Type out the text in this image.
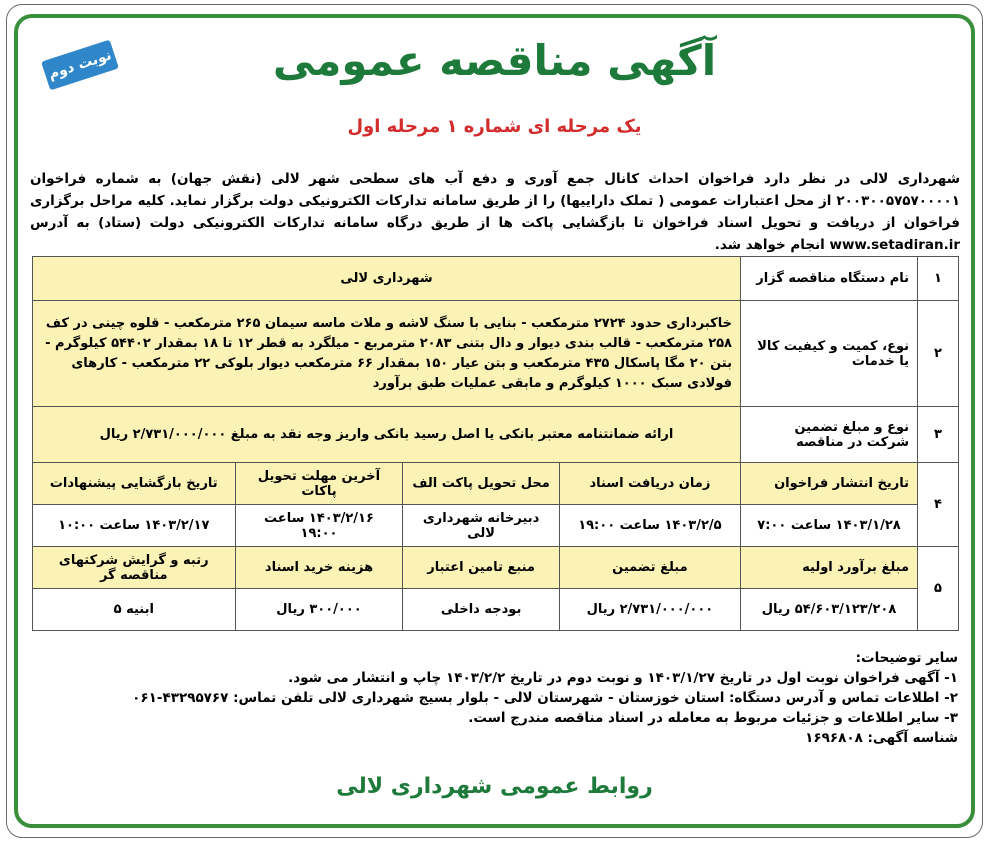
نوبت دوم	آگهی مناقصه عمومی
یک مرحله ای شماره ۱ مرحله اول
شهرداری لالی در نظر دارد فراخوان احداث کانال جمع آوری و دفع آب های سطحی شهر لالی (نقش جهان) به شماره فراخوان ۲۰۰۳۰۰۵۷۵۷۰۰۰۰۱ از محل اعتبارات عمومی ( تملک داراییها) را از طریق سامانه تدارکات الکترونیکی دولت برگزار نماید. کلیه مراحل برگزاری فراخوان از دریافت و تحویل اسناد فراخوان تا بازگشایی پاکت ها از طریق درگاه سامانه تدارکات الکترونیکی دولت (ستاد) به آدرس www.setadiran.ir انجام خواهد شد.
۱	نام دستگاه مناقصه گزار	شهرداری لالی			
۲	نوع، کمیت و کیفیت کالا یا خدمات	خاکبرداری حدود ۲۷۲۴ مترمکعب - بنایی با سنگ لاشه و ملات ماسه سیمان ۲۶۵ مترمکعب - قلوه چینی در کف ۲۵۸ مترمکعب - قالب بندی دیوار و دال بتنی ۲۰۸۳ مترمربع - میلگرد به قطر ۱۲ تا ۱۸ بمقدار ۵۴۴۰۲ کیلوگرم - بتن ۲۰ مگا پاسکال ۴۳۵ مترمکعب و بتن عیار ۱۵۰ بمقدار ۶۶ مترمکعب دیوار بلوکی ۲۲ مترمکعب - کارهای فولادی سبک ۱۰۰۰ کیلوگرم و مابقی عملیات طبق برآورد			
۳	نوع و مبلغ تضمین شرکت در مناقصه	ارائه ضمانتنامه معتبر بانکی یا اصل رسید بانکی واریز وجه نقد به مبلغ ۲/۷۳۱/۰۰۰/۰۰۰ ریال			
۴	تاریخ انتشار فراخوان	زمان دریافت اسناد	محل تحویل پاکت الف	آخرین مهلت تحویل پاکات	تاریخ بازگشایی پیشنهادات
	۱۴۰۳/۱/۲۸ ساعت ۷:۰۰	۱۴۰۳/۲/۵ ساعت ۱۹:۰۰	دبیرخانه شهرداری لالی	۱۴۰۳/۲/۱۶ ساعت ۱۹:۰۰	۱۴۰۳/۲/۱۷ ساعت ۱۰:۰۰
۵	مبلغ برآورد اولیه	مبلغ تضمین	منبع تامین اعتبار	هزینه خرید اسناد	رتبه و گرایش شرکتهای مناقصه گر
	۵۴/۶۰۳/۱۲۳/۲۰۸ ریال	۲/۷۳۱/۰۰۰/۰۰۰ ریال	بودجه داخلی	۳۰۰/۰۰۰ ریال	ابنیه ۵
سایر توضیحات:
۱- آگهی فراخوان نوبت اول در تاریخ ۱۴۰۳/۱/۲۷ و نوبت دوم در تاریخ ۱۴۰۳/۲/۲ چاپ و انتشار می شود.
۲- اطلاعات تماس و آدرس دستگاه: استان خوزستان - شهرستان لالی - بلوار بسیج شهرداری لالی تلفن تماس: ۴۳۲۹۵۷۶۷-۰۶۱
۳- سایر اطلاعات و جزئیات مربوط به معامله در اسناد مناقصه مندرج است.
شناسه آگهی: ۱۶۹۶۸۰۸
روابط عمومی شهرداری لالی
